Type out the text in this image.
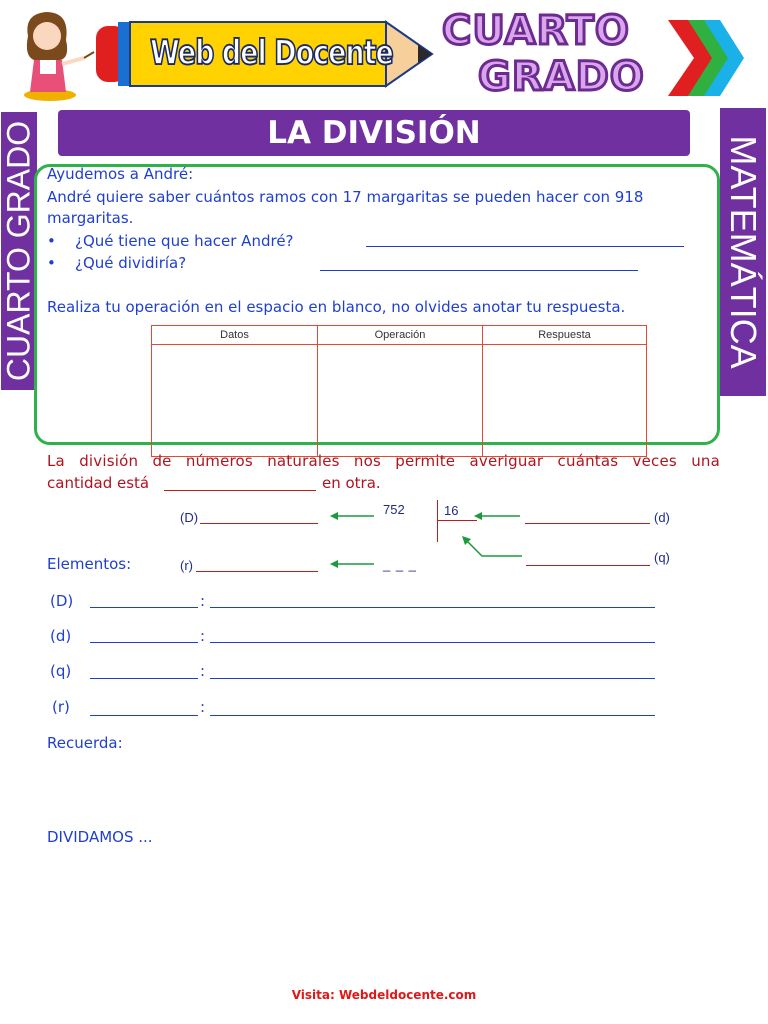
Web del Docente CUARTO
GRADO
LA DIVISIÓN
CUARTO GRADO	MATEMÁTICA
Ayudemos a André:
André quiere saber cuántos ramos con 17 margaritas se pueden hacer con 918
margaritas.
• ¿Qué tiene que hacer André?
• ¿Qué dividiría?
Realiza tu operación en el espacio en blanco, no olvides anotar tu respuesta.
Datos	Operación	Respuesta
La división de números naturales nos permite averiguar cuántas veces una
cantidad está	en otra.
(D)
752	16	(d)
(q)
Elementos:	(r)	_ _ _
(D)	:
(d)	:
(q)	:
(r)	:
Recuerda:
DIVIDAMOS ...
Visita: Webdeldocente.com
